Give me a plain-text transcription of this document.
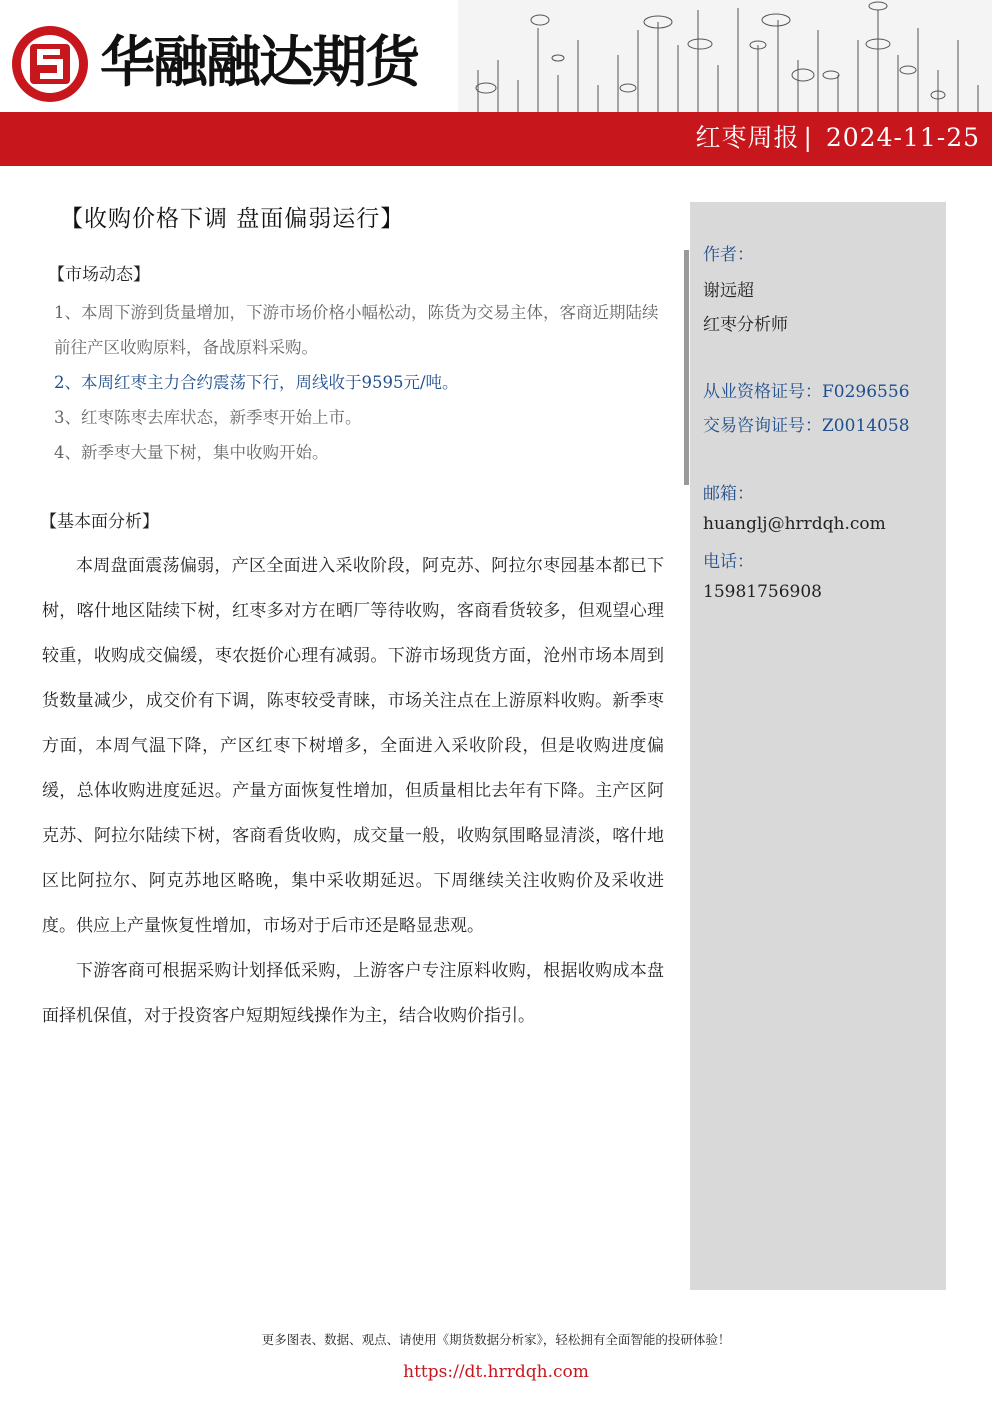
华融融达期货
红枣周报 | 2024-11-25
【收购价格下调 盘面偏弱运行】
【市场动态】

1、本周下游到货量增加，下游市场价格小幅松动，陈货为交易主体，客商近期陆续前往产区收购原料，备战原料采购。

2、本周红枣主力合约震荡下行，周线收于9595元/吨。

3、红枣陈枣去库状态，新季枣开始上市。

4、新季枣大量下树，集中收购开始。

【基本面分析】

本周盘面震荡偏弱，产区全面进入采收阶段，阿克苏、阿拉尔枣园基本都已下树，喀什地区陆续下树，红枣多对方在晒厂等待收购，客商看货较多，但观望心理较重，收购成交偏缓，枣农挺价心理有减弱。下游市场现货方面，沧州市场本周到货数量减少，成交价有下调，陈枣较受青睐，市场关注点在上游原料收购。新季枣方面，本周气温下降，产区红枣下树增多，全面进入采收阶段，但是收购进度偏缓，总体收购进度延迟。产量方面恢复性增加，但质量相比去年有下降。主产区阿克苏、阿拉尔陆续下树，客商看货收购，成交量一般，收购氛围略显清淡，喀什地区比阿拉尔、阿克苏地区略晚，集中采收期延迟。下周继续关注收购价及采收进度。供应上产量恢复性增加，市场对于后市还是略显悲观。

下游客商可根据采购计划择低采购，上游客户专注原料收购，根据收购成本盘面择机保值，对于投资客户短期短线操作为主，结合收购价指引。

作者：
谢远超
红枣分析师
从业资格证号：F0296556
交易咨询证号：Z0014058
邮箱：
huanglj@hrrdqh.com
电话：
15981756908
更多图表、数据、观点、请使用《期货数据分析家》，轻松拥有全面智能的投研体验！
https://dt.hrrdqh.com
